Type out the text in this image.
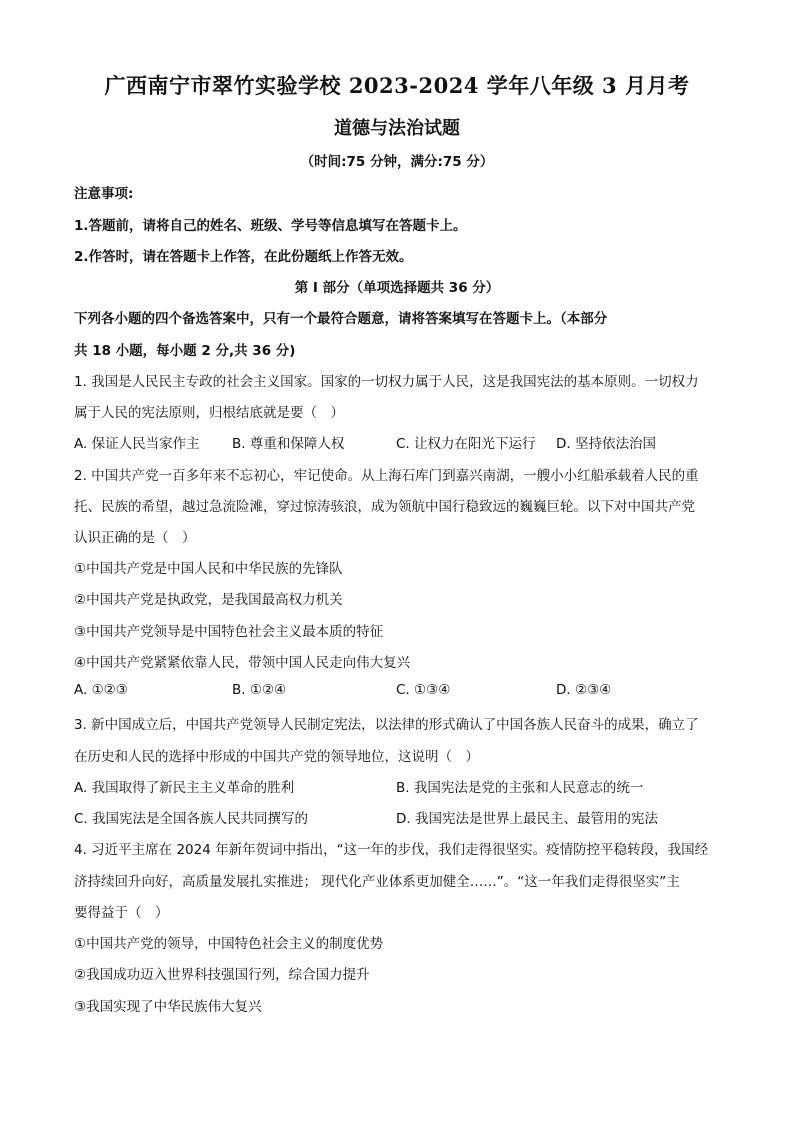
广西南宁市翠竹实验学校 2023-2024 学年八年级 3 月月考
道德与法治试题
（时间:75 分钟，满分:75 分）
注意事项:
1.答题前，请将自己的姓名、班级、学号等信息填写在答题卡上。
2.作答时，请在答题卡上作答，在此份题纸上作答无效。
第 I 部分（单项选择题共 36 分）
下列各小题的四个备选答案中，只有一个最符合题意，请将答案填写在答题卡上。（本部分
共 18 小题，每小题 2 分,共 36 分)
1. 我国是人民民主专政的社会主义国家。国家的一切权力属于人民，这是我国宪法的基本原则。一切权力
属于人民的宪法原则，归根结底就是要（　）
A. 保证人民当家作主 B. 尊重和保障人权	C. 让权力在阳光下运行 D. 坚持依法治国
2. 中国共产党一百多年来不忘初心，牢记使命。从上海石库门到嘉兴南湖，一艘小小红船承载着人民的重
托、民族的希望，越过急流险滩，穿过惊涛骇浪，成为领航中国行稳致远的巍巍巨轮。以下对中国共产党
认识正确的是（　）
①中国共产党是中国人民和中华民族的先锋队
②中国共产党是执政党，是我国最高权力机关
③中国共产党领导是中国特色社会主义最本质的特征
④中国共产党紧紧依靠人民，带领中国人民走向伟大复兴
A. ①②③	B. ①②④	C. ①③④	D. ②③④
3. 新中国成立后，中国共产党领导人民制定宪法，以法律的形式确认了中国各族人民奋斗的成果，确立了
在历史和人民的选择中形成的中国共产党的领导地位，这说明（　）
A. 我国取得了新民主主义革命的胜利	B. 我国宪法是党的主张和人民意志的统一
C. 我国宪法是全国各族人民共同撰写的	D. 我国宪法是世界上最民主、最管用的宪法
4. 习近平主席在 2024 年新年贺词中指出，“这一年的步伐，我们走得很坚实。疫情防控平稳转段，我国经
济持续回升向好，高质量发展扎实推进； 现代化产业体系更加健全……”。“这一年我们走得很坚实”主
要得益于（　）
①中国共产党的领导，中国特色社会主义的制度优势
②我国成功迈入世界科技强国行列，综合国力提升
③我国实现了中华民族伟大复兴
